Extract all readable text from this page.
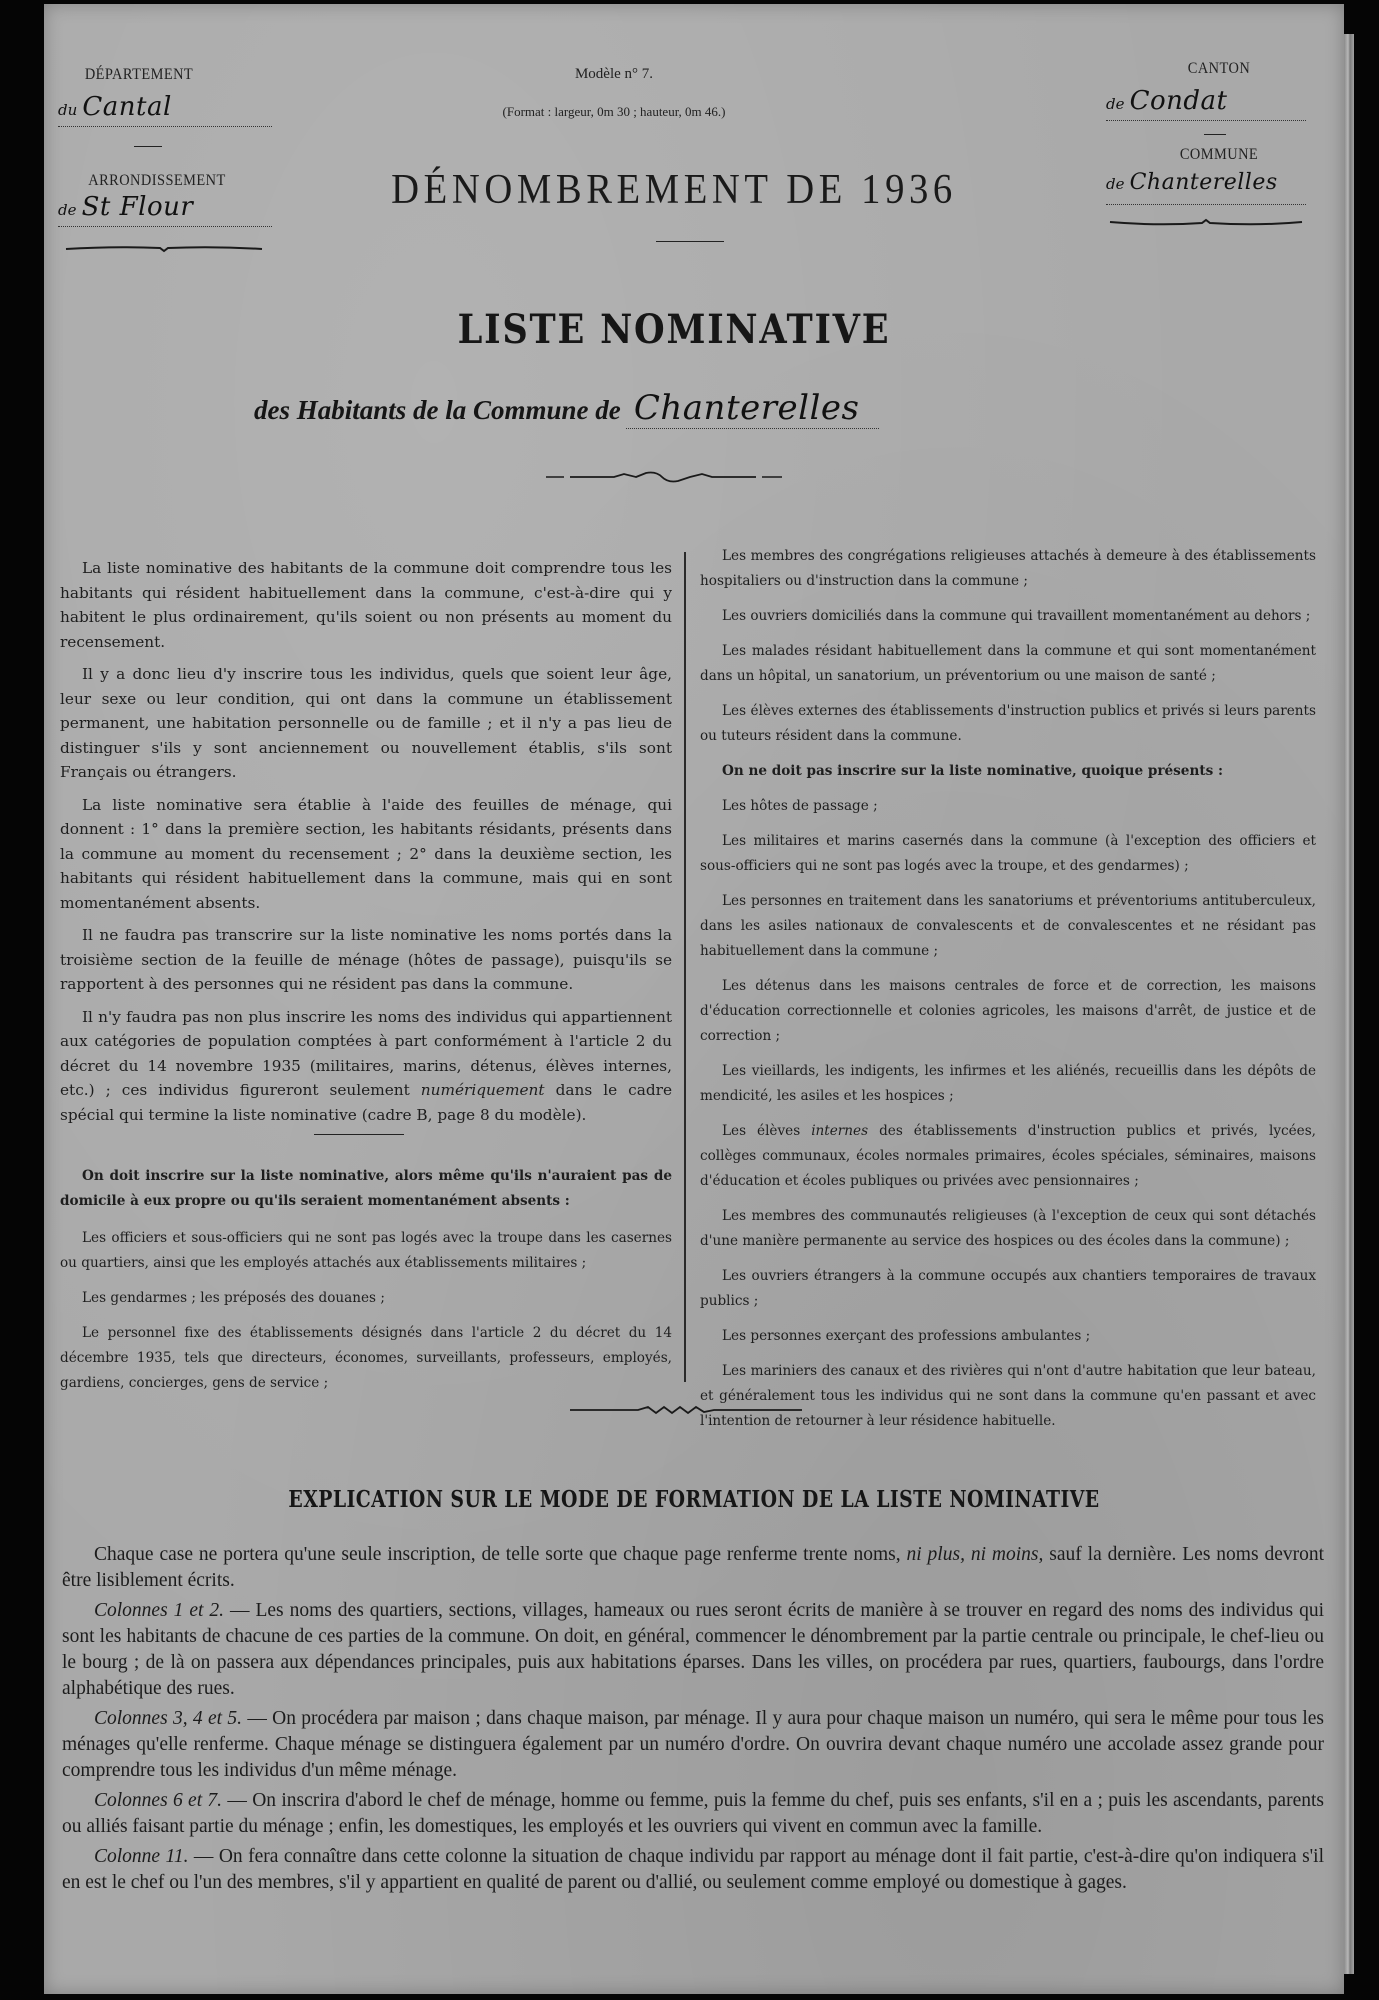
DÉPARTEMENT
du Cantal
ARRONDISSEMENT
de St Flour
Modèle n° 7.
(Format : largeur, 0m 30 ; hauteur, 0m 46.)
DÉNOMBREMENT DE 1936
CANTON
de Condat
COMMUNE
de Chanterelles
LISTE NOMINATIVE
des Habitants de la Commune de Chanterelles

La liste nominative des habitants de la commune doit comprendre tous les habitants qui résident habituellement dans la commune, c'est-à-dire qui y habitent le plus ordinairement, qu'ils soient ou non présents au moment du recensement.

Il y a donc lieu d'y inscrire tous les individus, quels que soient leur âge, leur sexe ou leur condition, qui ont dans la commune un établissement permanent, une habitation personnelle ou de famille ; et il n'y a pas lieu de distinguer s'ils y sont anciennement ou nouvellement établis, s'ils sont Français ou étrangers.

La liste nominative sera établie à l'aide des feuilles de ménage, qui donnent : 1° dans la première section, les habitants résidants, présents dans la commune au moment du recensement ; 2° dans la deuxième section, les habitants qui résident habituellement dans la commune, mais qui en sont momentanément absents.

Il ne faudra pas transcrire sur la liste nominative les noms portés dans la troisième section de la feuille de ménage (hôtes de passage), puisqu'ils se rapportent à des personnes qui ne résident pas dans la commune.

Il n'y faudra pas non plus inscrire les noms des individus qui appartiennent aux catégories de population comptées à part conformément à l'article 2 du décret du 14 novembre 1935 (militaires, marins, détenus, élèves internes, etc.) ; ces individus figureront seulement numériquement dans le cadre spécial qui termine la liste nominative (cadre B, page 8 du modèle).

On doit inscrire sur la liste nominative, alors même qu'ils n'auraient pas de domicile à eux propre ou qu'ils seraient momentanément absents :

Les officiers et sous-officiers qui ne sont pas logés avec la troupe dans les casernes ou quartiers, ainsi que les employés attachés aux établissements militaires ;

Les gendarmes ; les préposés des douanes ;

Le personnel fixe des établissements désignés dans l'article 2 du décret du 14 décembre 1935, tels que directeurs, économes, surveillants, professeurs, employés, gardiens, concierges, gens de service ;

Les membres des congrégations religieuses attachés à demeure à des établissements hospitaliers ou d'instruction dans la commune ;

Les ouvriers domiciliés dans la commune qui travaillent momentanément au dehors ;

Les malades résidant habituellement dans la commune et qui sont momentanément dans un hôpital, un sanatorium, un préventorium ou une maison de santé ;

Les élèves externes des établissements d'instruction publics et privés si leurs parents ou tuteurs résident dans la commune.

On ne doit pas inscrire sur la liste nominative, quoique présents :

Les hôtes de passage ;

Les militaires et marins casernés dans la commune (à l'exception des officiers et sous-officiers qui ne sont pas logés avec la troupe, et des gendarmes) ;

Les personnes en traitement dans les sanatoriums et préventoriums antituberculeux, dans les asiles nationaux de convalescents et de convalescentes et ne résidant pas habituellement dans la commune ;

Les détenus dans les maisons centrales de force et de correction, les maisons d'éducation correctionnelle et colonies agricoles, les maisons d'arrêt, de justice et de correction ;

Les vieillards, les indigents, les infirmes et les aliénés, recueillis dans les dépôts de mendicité, les asiles et les hospices ;

Les élèves internes des établissements d'instruction publics et privés, lycées, collèges communaux, écoles normales primaires, écoles spéciales, séminaires, maisons d'éducation et écoles publiques ou privées avec pensionnaires ;

Les membres des communautés religieuses (à l'exception de ceux qui sont détachés d'une manière permanente au service des hospices ou des écoles dans la commune) ;

Les ouvriers étrangers à la commune occupés aux chantiers temporaires de travaux publics ;

Les personnes exerçant des professions ambulantes ;

Les mariniers des canaux et des rivières qui n'ont d'autre habitation que leur bateau, et généralement tous les individus qui ne sont dans la commune qu'en passant et avec l'intention de retourner à leur résidence habituelle.

EXPLICATION SUR LE MODE DE FORMATION DE LA LISTE NOMINATIVE

Chaque case ne portera qu'une seule inscription, de telle sorte que chaque page renferme trente noms, ni plus, ni moins, sauf la dernière. Les noms devront être lisiblement écrits.

Colonnes 1 et 2. — Les noms des quartiers, sections, villages, hameaux ou rues seront écrits de manière à se trouver en regard des noms des individus qui sont les habitants de chacune de ces parties de la commune. On doit, en général, commencer le dénombrement par la partie centrale ou principale, le chef-lieu ou le bourg ; de là on passera aux dépendances principales, puis aux habitations éparses. Dans les villes, on procédera par rues, quartiers, faubourgs, dans l'ordre alphabétique des rues.

Colonnes 3, 4 et 5. — On procédera par maison ; dans chaque maison, par ménage. Il y aura pour chaque maison un numéro, qui sera le même pour tous les ménages qu'elle renferme. Chaque ménage se distinguera également par un numéro d'ordre. On ouvrira devant chaque numéro une accolade assez grande pour comprendre tous les individus d'un même ménage.

Colonnes 6 et 7. — On inscrira d'abord le chef de ménage, homme ou femme, puis la femme du chef, puis ses enfants, s'il en a ; puis les ascendants, parents ou alliés faisant partie du ménage ; enfin, les domestiques, les employés et les ouvriers qui vivent en commun avec la famille.

Colonne 11. — On fera connaître dans cette colonne la situation de chaque individu par rapport au ménage dont il fait partie, c'est-à-dire qu'on indiquera s'il en est le chef ou l'un des membres, s'il y appartient en qualité de parent ou d'allié, ou seulement comme employé ou domestique à gages.
